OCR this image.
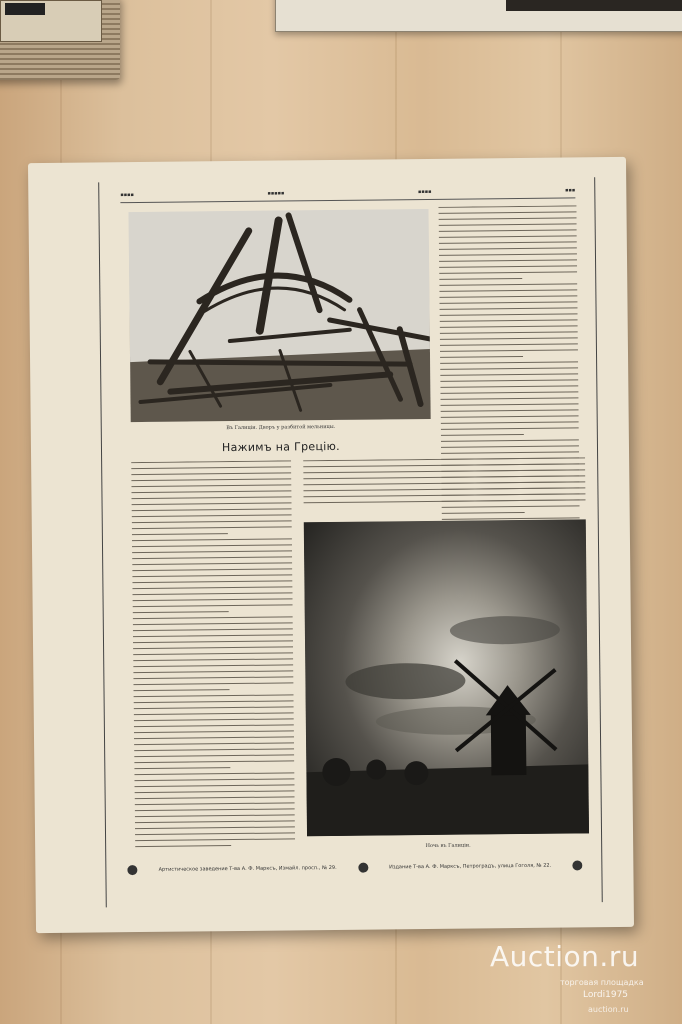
▪▪▪▪	▪▪▪▪▪	▪▪▪▪	▪▪▪
Въ Галиціи. Дворъ у разбитой мельницы.
Нажимъ на Грецію.
Ночь въ Галиціи.
Артистическое заведение Т-ва А. Ф. Марксъ, Измайл. просп., № 29.	Издание Т-ва А. Ф. Марксъ, Петроградъ, улица Гоголя, № 22.
Auction.ru
торговая площадка
Lordi1975
auction.ru
